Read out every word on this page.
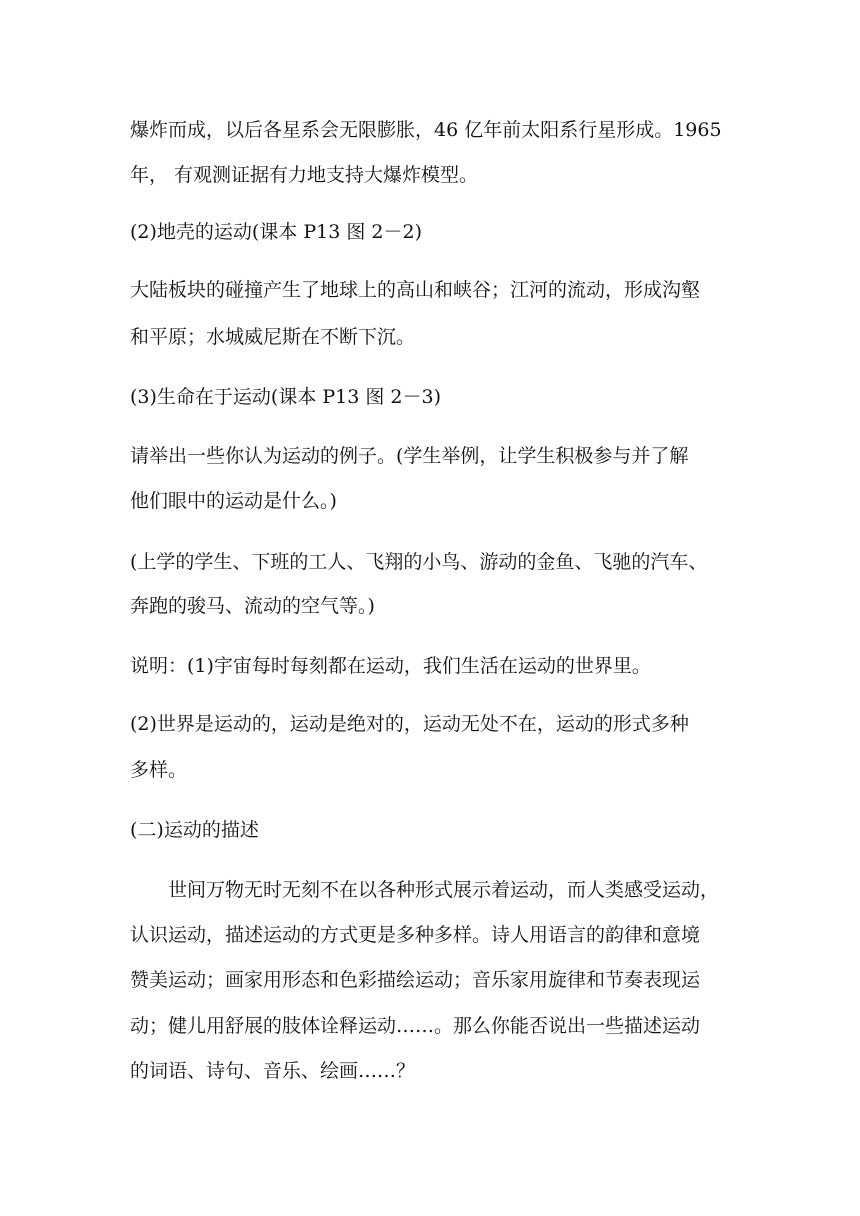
爆炸而成，以后各星系会无限膨胀，46 亿年前太阳系行星形成。1965
年， 有观测证据有力地支持大爆炸模型。
(2)地壳的运动(课本 P13 图 2－2)
大陆板块的碰撞产生了地球上的高山和峡谷；江河的流动，形成沟壑
和平原；水城威尼斯在不断下沉。
(3)生命在于运动(课本 P13 图 2－3)
请举出一些你认为运动的例子。(学生举例，让学生积极参与并了解
他们眼中的运动是什么。)
(上学的学生、下班的工人、飞翔的小鸟、游动的金鱼、飞驰的汽车、
奔跑的骏马、流动的空气等。)
说明：(1)宇宙每时每刻都在运动，我们生活在运动的世界里。
(2)世界是运动的，运动是绝对的，运动无处不在，运动的形式多种
多样。
(二)运动的描述
世间万物无时无刻不在以各种形式展示着运动，而人类感受运动，
认识运动，描述运动的方式更是多种多样。诗人用语言的韵律和意境
赞美运动；画家用形态和色彩描绘运动；音乐家用旋律和节奏表现运
动；健儿用舒展的肢体诠释运动……。那么你能否说出一些描述运动
的词语、诗句、音乐、绘画……？
